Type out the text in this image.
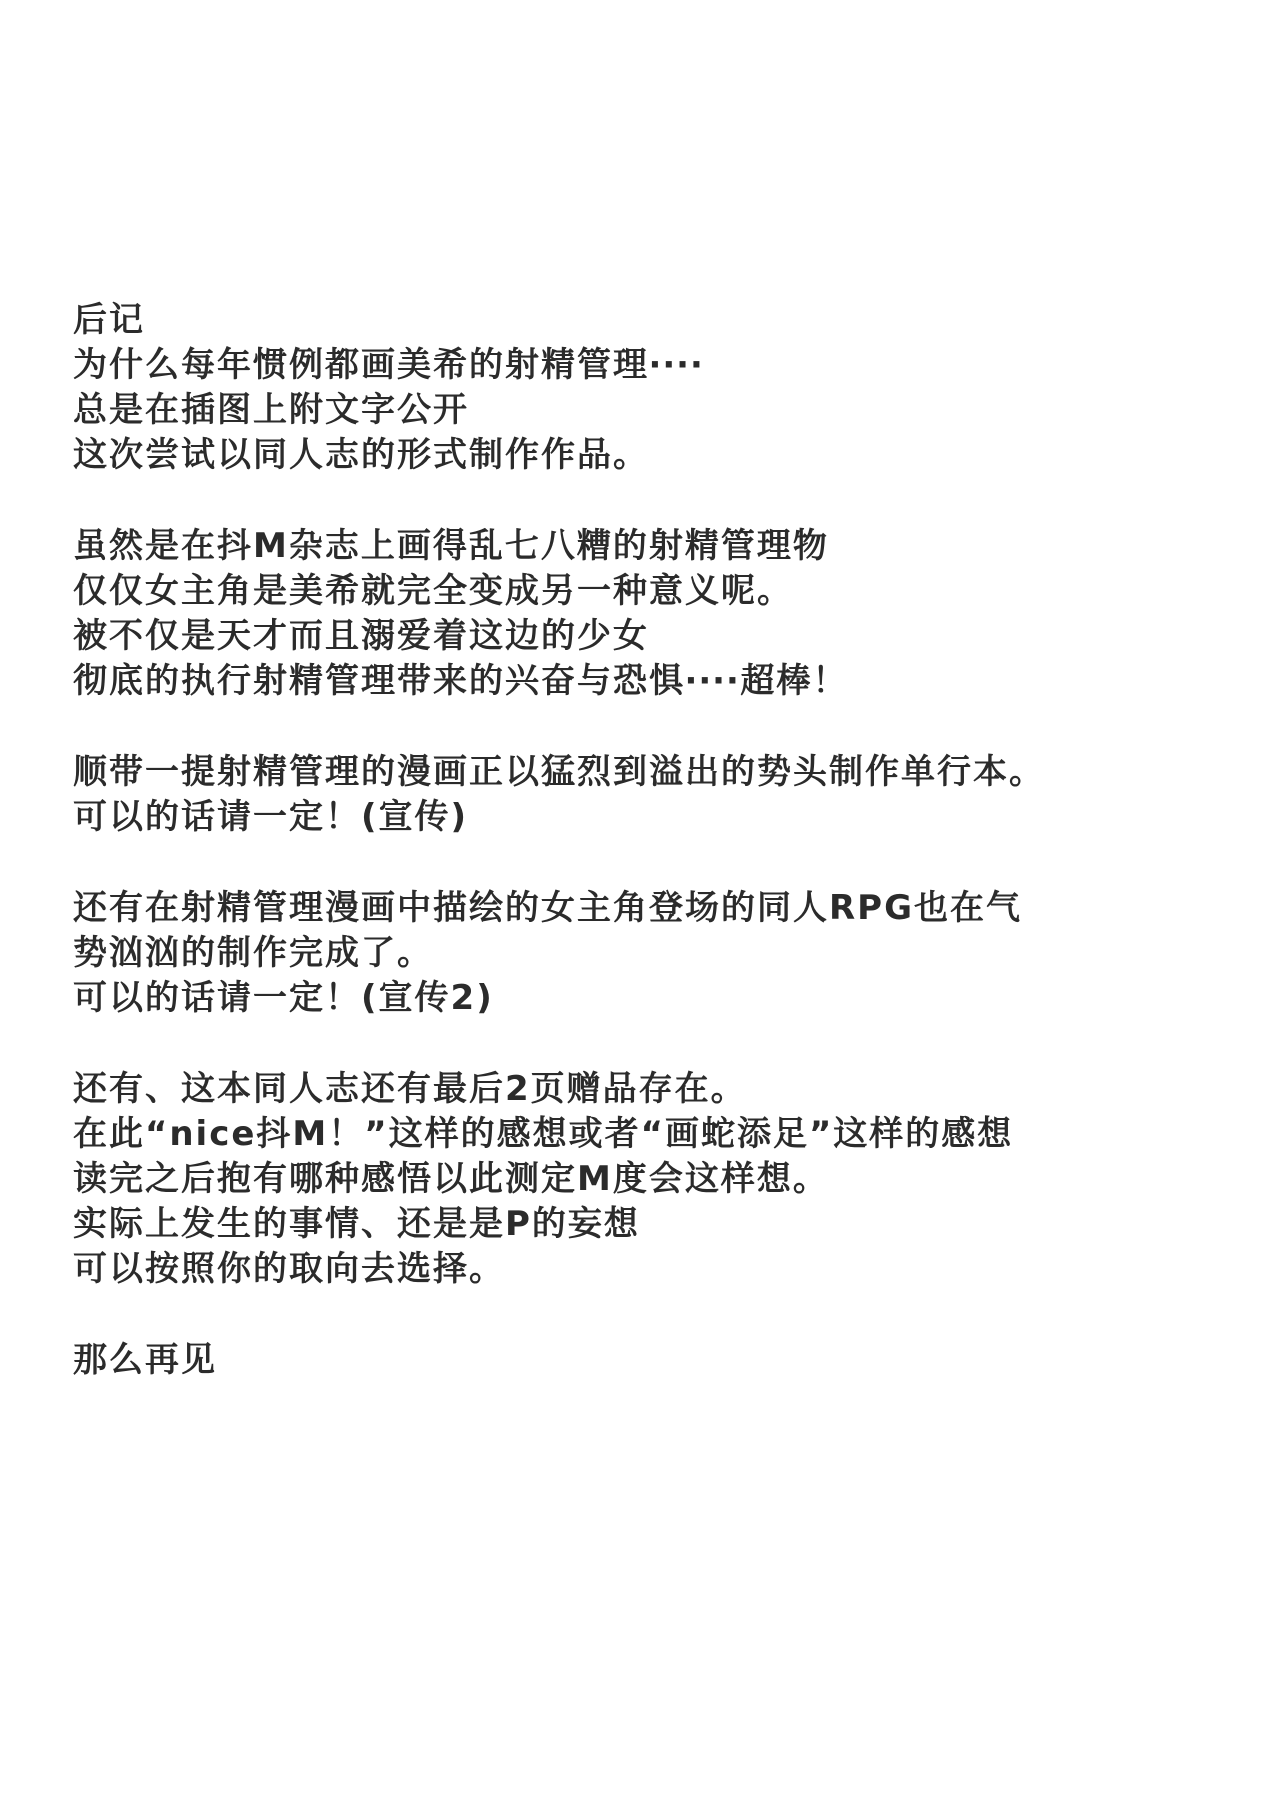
后记
为什么每年惯例都画美希的射精管理‧‧‧‧
总是在插图上附文字公开
这次尝试以同人志的形式制作作品。
虽然是在抖M杂志上画得乱七八糟的射精管理物
仅仅女主角是美希就完全变成另一种意义呢。
被不仅是天才而且溺爱着这边的少女
彻底的执行射精管理带来的兴奋与恐惧‧‧‧‧超棒！
顺带一提射精管理的漫画正以猛烈到溢出的势头制作单行本。
可以的话请一定！(宣传)
还有在射精管理漫画中描绘的女主角登场的同人RPG也在气
势汹汹的制作完成了。
可以的话请一定！(宣传2)
还有、这本同人志还有最后2页赠品存在。
在此“nice抖M！”这样的感想或者“画蛇添足”这样的感想
读完之后抱有哪种感悟以此测定M度会这样想。
实际上发生的事情、还是是P的妄想
可以按照你的取向去选择。
那么再见
